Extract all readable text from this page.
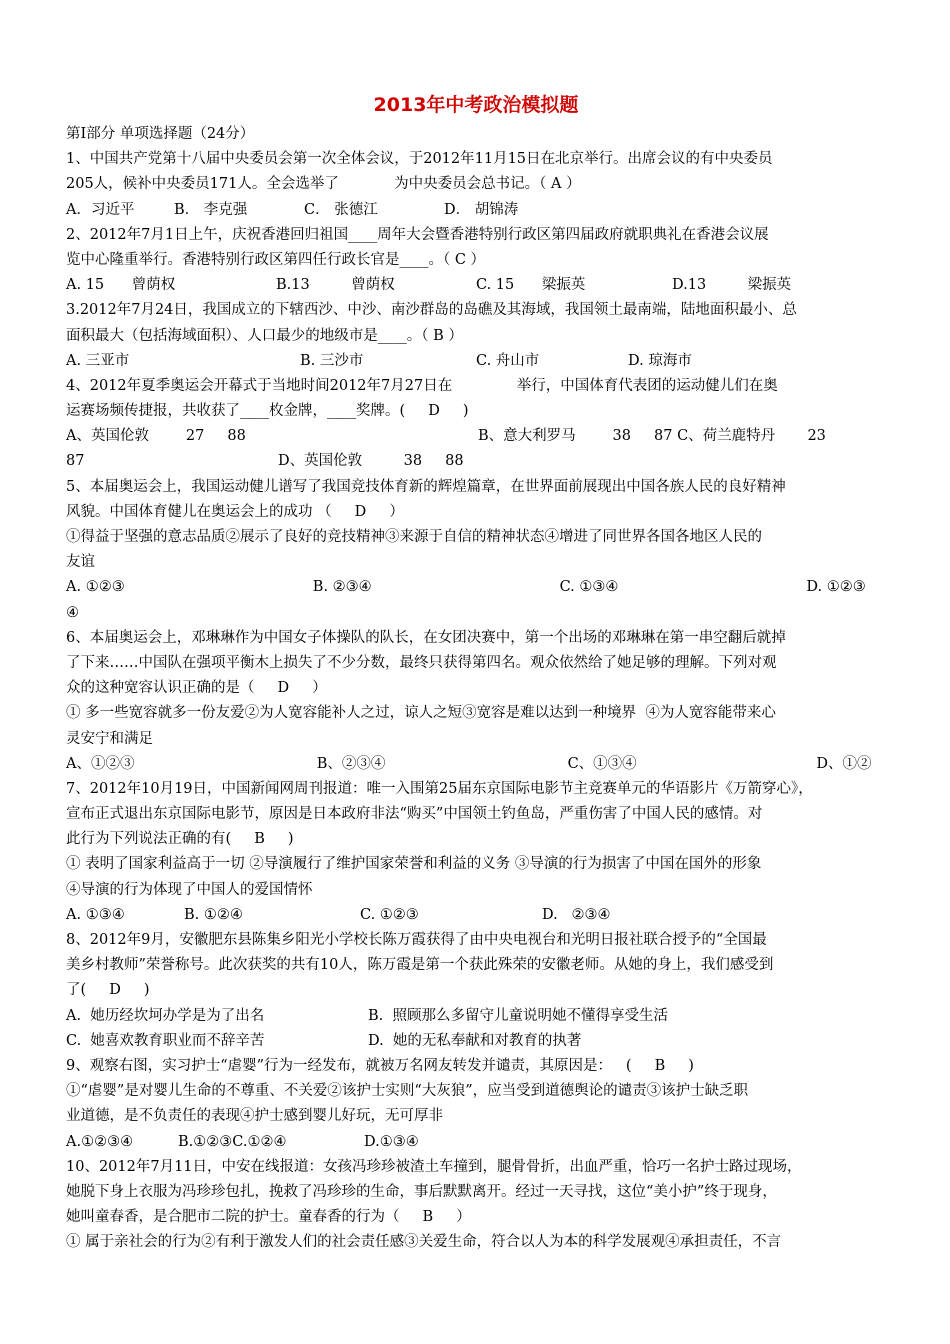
2013年中考政治模拟题
第Ⅰ部分 单项选择题（24分）
1、中国共产党第十八届中央委员会第一次全体会议，于2012年11月15日在北京举行。出席会议的有中央委员
205人，候补中央委员171人。全会选举了            为中央委员会总书记。（ A ）
A．习近平	B． 李克强	C． 张德江	D． 胡锦涛
2、2012年7月1日上午，庆祝香港回归祖国____周年大会暨香港特别行政区第四届政府就职典礼在香港会议展
览中心隆重举行。香港特别行政区第四任行政长官是____。（ C ）
A. 15      曾荫权	B.13         曾荫权	C. 15      梁振英	D.13         梁振英
3.2012年7月24日，我国成立的下辖西沙、中沙、南沙群岛的岛礁及其海域，我国领土最南端，陆地面积最小、总
面积最大（包括海域面积）、人口最少的地级市是____。（ B ）
A. 三亚市	B. 三沙市	C. 舟山市	D. 琼海市
4、2012年夏季奥运会开幕式于当地时间2012年7月27日在              举行，中国体育代表团的运动健儿们在奥
运赛场频传捷报，共收获了____枚金牌，____奖牌。(     D     )
A、英国伦敦        27     88	B、意大利罗马        38     87 C、荷兰鹿特丹       23
87	D、英国伦敦         38     88
5、本届奥运会上，我国运动健儿谱写了我国竞技体育新的辉煌篇章，在世界面前展现出中国各族人民的良好精神
风貌。中国体育健儿在奥运会上的成功 （     D     ）
①得益于坚强的意志品质②展示了良好的竞技精神③来源于自信的精神状态④增进了同世界各国各地区人民的
友谊
A. ①②③	B. ②③④	C. ①③④	D. ①②③
④
6、本届奥运会上，邓琳琳作为中国女子体操队的队长，在女团决赛中，第一个出场的邓琳琳在第一串空翻后就掉
了下来……中国队在强项平衡木上损失了不少分数，最终只获得第四名。观众依然给了她足够的理解。下列对观
众的这种宽容认识正确的是（     D     ）
① 多一些宽容就多一份友爱②为人宽容能补人之过，谅人之短③宽容是难以达到一种境界  ④为人宽容能带来心
灵安宁和满足
A、①②③	B、②③④	C、①③④	D、①②
7、2012年10月19日，中国新闻网周刊报道：唯一入围第25届东京国际电影节主竞赛单元的华语影片《万箭穿心》，
宣布正式退出东京国际电影节，原因是日本政府非法“购买”中国领土钓鱼岛，严重伤害了中国人民的感情。对
此行为下列说法正确的有(     B     )
① 表明了国家利益高于一切 ②导演履行了维护国家荣誉和利益的义务 ③导演的行为损害了中国在国外的形象
④导演的行为体现了中国人的爱国情怀
A. ①③④	B. ①②④	C. ①②③	D.   ②③④
8、2012年9月，安徽肥东县陈集乡阳光小学校长陈万霞获得了由中央电视台和光明日报社联合授予的“全国最
美乡村教师”荣誉称号。此次获奖的共有10人，陈万霞是第一个获此殊荣的安徽老师。从她的身上，我们感受到
了(     D     )
A.  她历经坎坷办学是为了出名	B.  照顾那么多留守儿童说明她不懂得享受生活
C.  她喜欢教育职业而不辞辛苦	D.  她的无私奉献和对教育的执著
9、观察右图，实习护士“虐婴”行为一经发布，就被万名网友转发并谴责，其原因是：   (     B     )
①“虐婴”是对婴儿生命的不尊重、不关爱②该护士实则“大灰狼”，应当受到道德舆论的谴责③该护士缺乏职
业道德，是不负责任的表现④护士感到婴儿好玩，无可厚非
A.①②③④	B.①②③C.①②④	D.①③④
10、2012年7月11日，中安在线报道：女孩冯珍珍被渣土车撞到，腿骨骨折，出血严重，恰巧一名护士路过现场，
她脱下身上衣服为冯珍珍包扎，挽救了冯珍珍的生命，事后默默离开。经过一天寻找，这位“美小护”终于现身，
她叫童春香，是合肥市二院的护士。童春香的行为（     B     ）
① 属于亲社会的行为②有利于激发人们的社会责任感③关爱生命，符合以人为本的科学发展观④承担责任，不言
